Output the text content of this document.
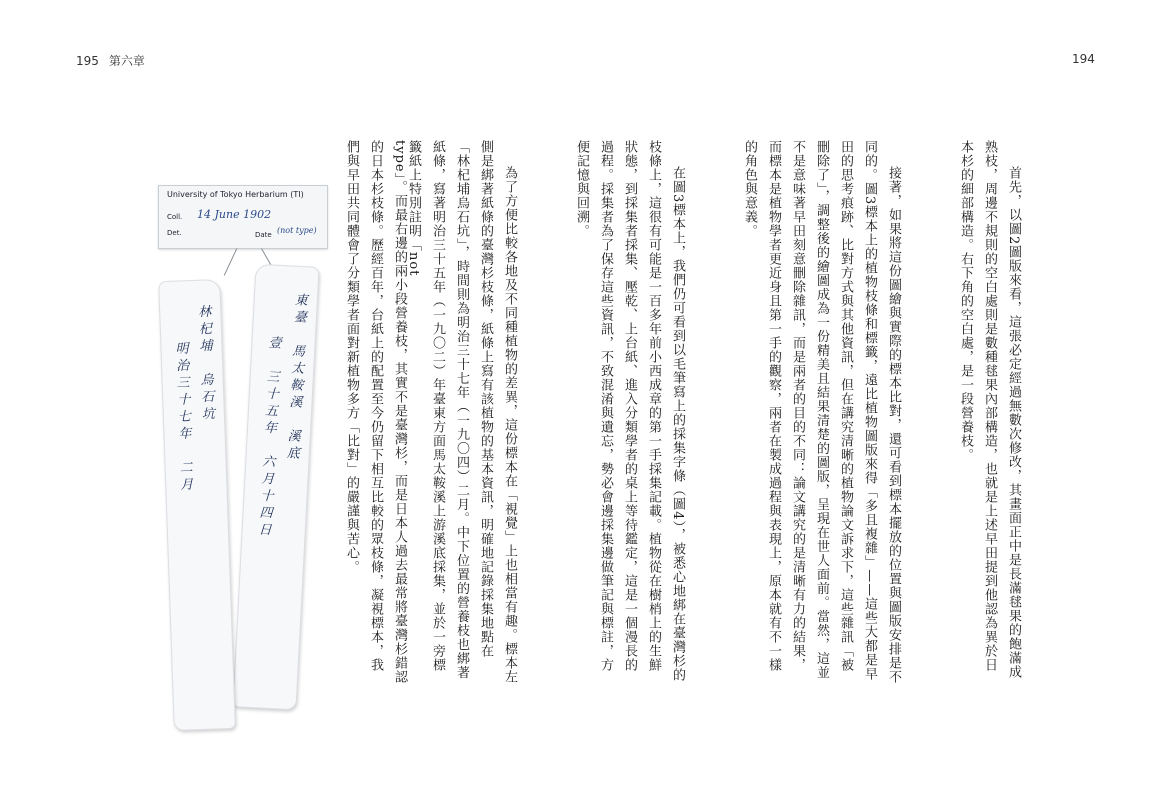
195 第六章	194

首先，以圖2圖版來看，這張必定經過無數次修改，其畫面正中是長滿毬果的飽滿成熟枝，周邊不規則的空白處則是數種毬果內部構造，也就是上述早田提到他認為異於日本杉的細部構造。右下角的空白處，是一段營養枝。

接著，如果將這份圖繪與實際的標本比對，還可看到標本擺放的位置與圖版安排是不同的。圖3標本上的植物枝條和標籤，遠比植物圖版來得「多且複雜」——這些大都是早田的思考痕跡、比對方式與其他資訊，但在講究清晰的植物論文訴求下，這些雜訊「被刪除了」，調整後的繪圖成為一份精美且結果清楚的圖版，呈現在世人面前。當然，這並不是意味著早田刻意刪除雜訊，而是兩者的目的不同：論文講究的是清晰有力的結果，而標本是植物學者更近身且第一手的觀察，兩者在製成過程與表現上，原本就有不一樣的角色與意義。

在圖3標本上，我們仍可看到以毛筆寫上的採集字條（圖4），被悉心地綁在臺灣杉的枝條上，這很有可能是一百多年前小西成章的第一手採集記載。植物從在樹梢上的生鮮狀態，到採集者採集、壓乾、上台紙、進入分類學者的桌上等待鑑定，這是一個漫長的過程。採集者為了保存這些資訊，不致混淆與遺忘，勢必會邊採集邊做筆記與標註，方便記憶與回溯。

為了方便比較各地及不同種植物的差異，這份標本在「視覺」上也相當有趣。標本左側是綁著紙條的臺灣杉枝條，紙條上寫有該植物的基本資訊，明確地記錄採集地點在「林杞埔烏石坑」，時間則為明治三十七年（一九〇四）二月。中下位置的營養枝也綁著紙條，寫著明治三十五年（一九〇二）年臺東方面馬太鞍溪上游溪底採集，並於一旁標籤紙上特別註明「not

type」。而最右邊的兩小段營養枝，其實不是臺灣杉，而是日本人過去最常將臺灣杉錯認的日本杉枝條。歷經百年，台紙上的配置至今仍留下相互比較的眾枝條，凝視標本，我們與早田共同體會了分類學者面對新植物多方「比對」的嚴謹與苦心。

University of Tokyo Herbarium (TI)
Coll. 14 June 1902
Det.	Date (not type)
東臺　馬太鞍溪　溪底
壹　三十五年　六月十四日
林杞埔　烏石坑
明治三十七年　二月
